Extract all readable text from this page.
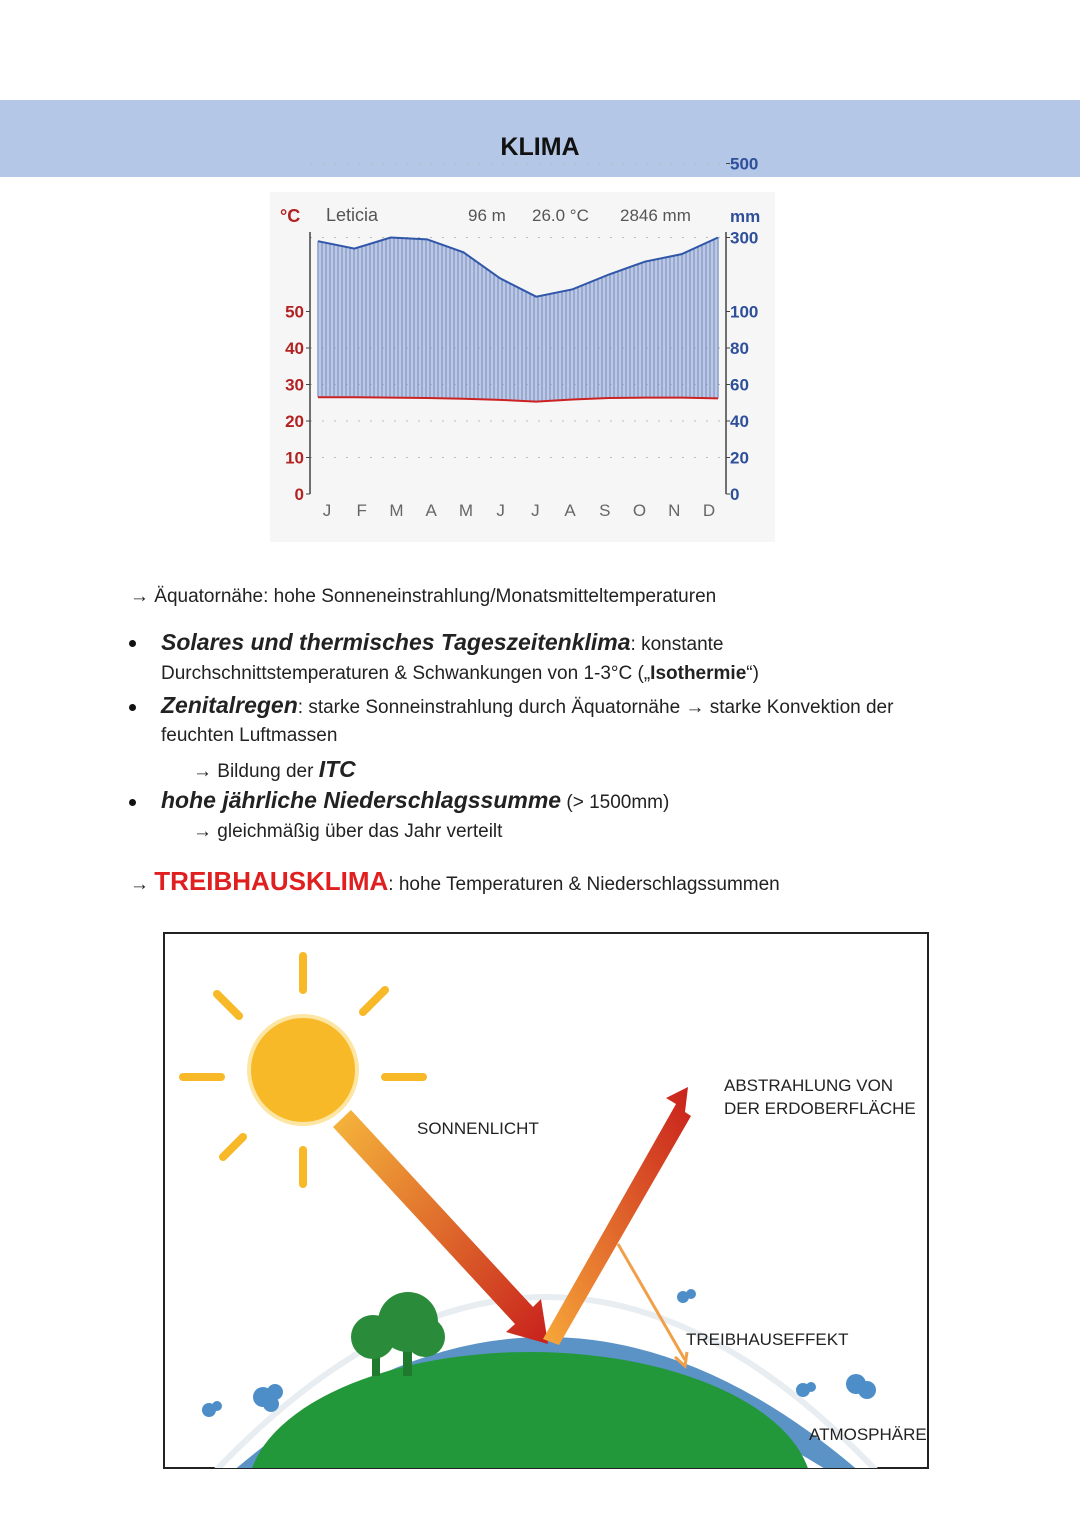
KLIMA
°C Leticia	96 m 26.0 °C 2846 mm mm
50
40
30
20
10
0
500
300
100
80
60
40
20
0
J F M A M J J A S O N D
→ Äquatornähe: hohe Sonneneinstrahlung/Monatsmitteltemperaturen
Solares und thermisches Tageszeitenklima: konstante
Durchschnittstemperaturen & Schwankungen von 1-3°C („Isothermie“)
Zenitalregen: starke Sonneinstrahlung durch Äquatornähe → starke Konvektion der
feuchten Luftmassen
→ Bildung der ITC
hohe jährliche Niederschlagssumme (> 1500mm)
→ gleichmäßig über das Jahr verteilt
→ TREIBHAUSKLIMA: hohe Temperaturen & Niederschlagssummen
SONNENLICHT
ABSTRAHLUNG VON
DER ERDOBERFLÄCHE
TREIBHAUSGASE
TREIBHAUSEFFEKT
ATMOSPHÄRE
